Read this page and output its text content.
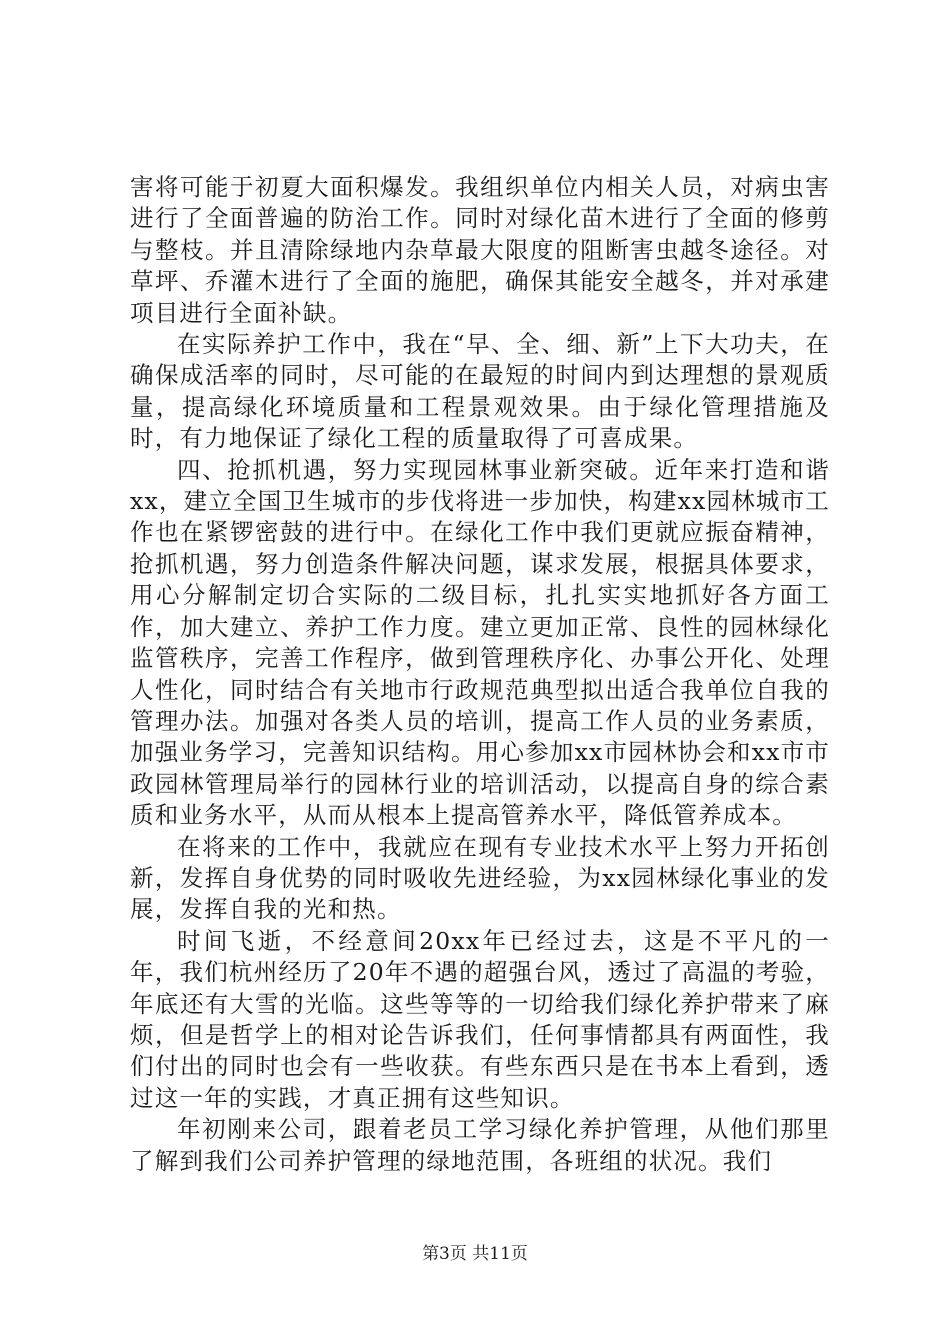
害将可能于初夏大面积爆发。我组织单位内相关人员，对病虫害进行了全面普遍的防治工作。同时对绿化苗木进行了全面的修剪与整枝。并且清除绿地内杂草最大限度的阻断害虫越冬途径。对草坪、乔灌木进行了全面的施肥，确保其能安全越冬，并对承建项目进行全面补缺。

在实际养护工作中，我在“早、全、细、新”上下大功夫，在确保成活率的同时，尽可能的在最短的时间内到达理想的景观质量，提高绿化环境质量和工程景观效果。由于绿化管理措施及时，有力地保证了绿化工程的质量取得了可喜成果。

四、抢抓机遇，努力实现园林事业新突破。近年来打造和谐xx，建立全国卫生城市的步伐将进一步加快，构建xx园林城市工作也在紧锣密鼓的进行中。在绿化工作中我们更就应振奋精神，抢抓机遇，努力创造条件解决问题，谋求发展，根据具体要求，用心分解制定切合实际的二级目标，扎扎实实地抓好各方面工作，加大建立、养护工作力度。建立更加正常、良性的园林绿化监管秩序，完善工作程序，做到管理秩序化、办事公开化、处理人性化，同时结合有关地市行政规范典型拟出适合我单位自我的管理办法。加强对各类人员的培训，提高工作人员的业务素质，加强业务学习，完善知识结构。用心参加xx市园林协会和xx市市政园林管理局举行的园林行业的培训活动，以提高自身的综合素质和业务水平，从而从根本上提高管养水平，降低管养成本。

在将来的工作中，我就应在现有专业技术水平上努力开拓创新，发挥自身优势的同时吸收先进经验，为xx园林绿化事业的发展，发挥自我的光和热。

时间飞逝，不经意间20xx年已经过去，这是不平凡的一年，我们杭州经历了20年不遇的超强台风，透过了高温的考验，年底还有大雪的光临。这些等等的一切给我们绿化养护带来了麻烦，但是哲学上的相对论告诉我们，任何事情都具有两面性，我们付出的同时也会有一些收获。有些东西只是在书本上看到，透过这一年的实践，才真正拥有这些知识。

年初刚来公司，跟着老员工学习绿化养护管理，从他们那里了解到我们公司养护管理的绿地范围，各班组的状况。我们

第3页 共11页
